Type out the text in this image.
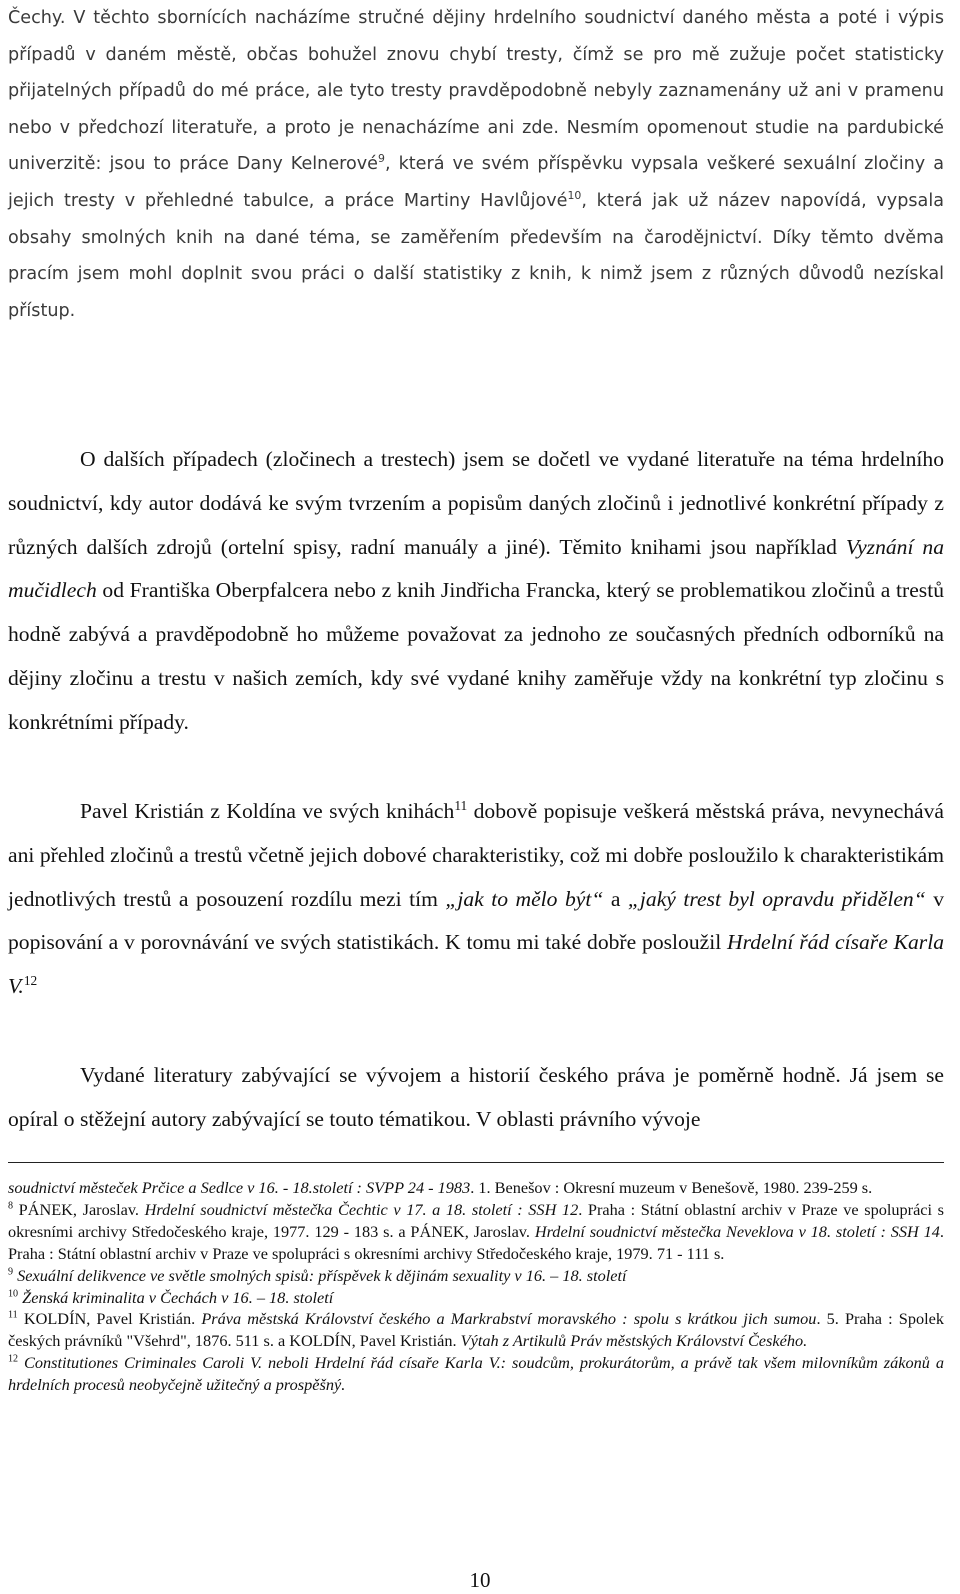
Čechy. V těchto sbornících nacházíme stručné dějiny hrdelního soudnictví daného města a poté i výpis případů v daném městě, občas bohužel znovu chybí tresty, čímž se pro mě zužuje počet statisticky přijatelných případů do mé práce, ale tyto tresty pravděpodobně nebyly zaznamenány už ani v pramenu nebo v předchozí literatuře, a proto je nenacházíme ani zde. Nesmím opomenout studie na pardubické univerzitě: jsou to práce Dany Kelnerové$^9$, která ve svém příspěvku vypsala veškeré sexuální zločiny a jejich tresty v přehledné tabulce, a práce Martiny Havlůjové$^{10}$, která jak už název napovídá, vypsala obsahy smolných knih na dané téma, se zaměřením především na čarodějnictví. Díky těmto dvěma pracím jsem mohl doplnit svou práci o další statistiky z knih, k nimž jsem z různých důvodů nezískal přístup.

O dalších případech (zločinech a trestech) jsem se dočetl ve vydané literatuře na téma hrdelního soudnictví, kdy autor dodává ke svým tvrzením a popisům daných zločinů i jednotlivé konkrétní případy z různých dalších zdrojů (ortelní spisy, radní manuály a jiné). Těmito knihami jsou například Vyznání na mučidlech od Františka Oberpfalcera nebo z knih Jindřicha Francka, který se problematikou zločinů a trestů hodně zabývá a pravděpodobně ho můžeme považovat za jednoho ze současných předních odborníků na dějiny zločinu a trestu v našich zemích, kdy své vydané knihy zaměřuje vždy na konkrétní typ zločinu s konkrétními případy.

Pavel Kristián z Koldína ve svých knihách$^{11}$ dobově popisuje veškerá městská práva, nevynechává ani přehled zločinů a trestů včetně jejich dobové charakteristiky, což mi dobře posloužilo k charakteristikám jednotlivých trestů a posouzení rozdílu mezi tím „jak to mělo být“ a „jaký trest byl opravdu přidělen“ v popisování a v porovnávání ve svých statistikách. K tomu mi také dobře posloužil Hrdelní řád císaře Karla V.$^{12}$

Vydané literatury zabývající se vývojem a historií českého práva je poměrně hodně. Já jsem se opíral o stěžejní autory zabývající se touto tématikou. V oblasti právního vývoje

soudnictví městeček Prčice a Sedlce v 16. - 18.století : SVPP 24 - 1983. 1. Benešov : Okresní muzeum v Benešově, 1980. 239-259 s.

$^8$ PÁNEK, Jaroslav. Hrdelní soudnictví městečka Čechtic v 17. a 18. století : SSH 12. Praha : Státní oblastní archiv v Praze ve spolupráci s okresními archivy Středočeského kraje, 1977. 129 - 183 s. a PÁNEK, Jaroslav. Hrdelní soudnictví městečka Neveklova v 18. století : SSH 14. Praha : Státní oblastní archiv v Praze ve spolupráci s okresními archivy Středočeského kraje, 1979. 71 - 111 s.

$^9$ Sexuální delikvence ve světle smolných spisů: příspěvek k dějinám sexuality v 16. – 18. století

$^{10}$ Ženská kriminalita v Čechách v 16. – 18. století

$^{11}$ KOLDÍN, Pavel Kristián. Práva městská Království českého a Markrabství moravského : spolu s krátkou jich sumou. 5. Praha : Spolek českých právníků "Všehrd", 1876. 511 s. a KOLDÍN, Pavel Kristián. Výtah z Artikulů Práv městských Království Českého.

$^{12}$ Constitutiones Criminales Caroli V. neboli Hrdelní řád císaře Karla V.: soudcům, prokurátorům, a právě tak všem milovníkům zákonů a hrdelních procesů neobyčejně užitečný a prospěšný.

10
